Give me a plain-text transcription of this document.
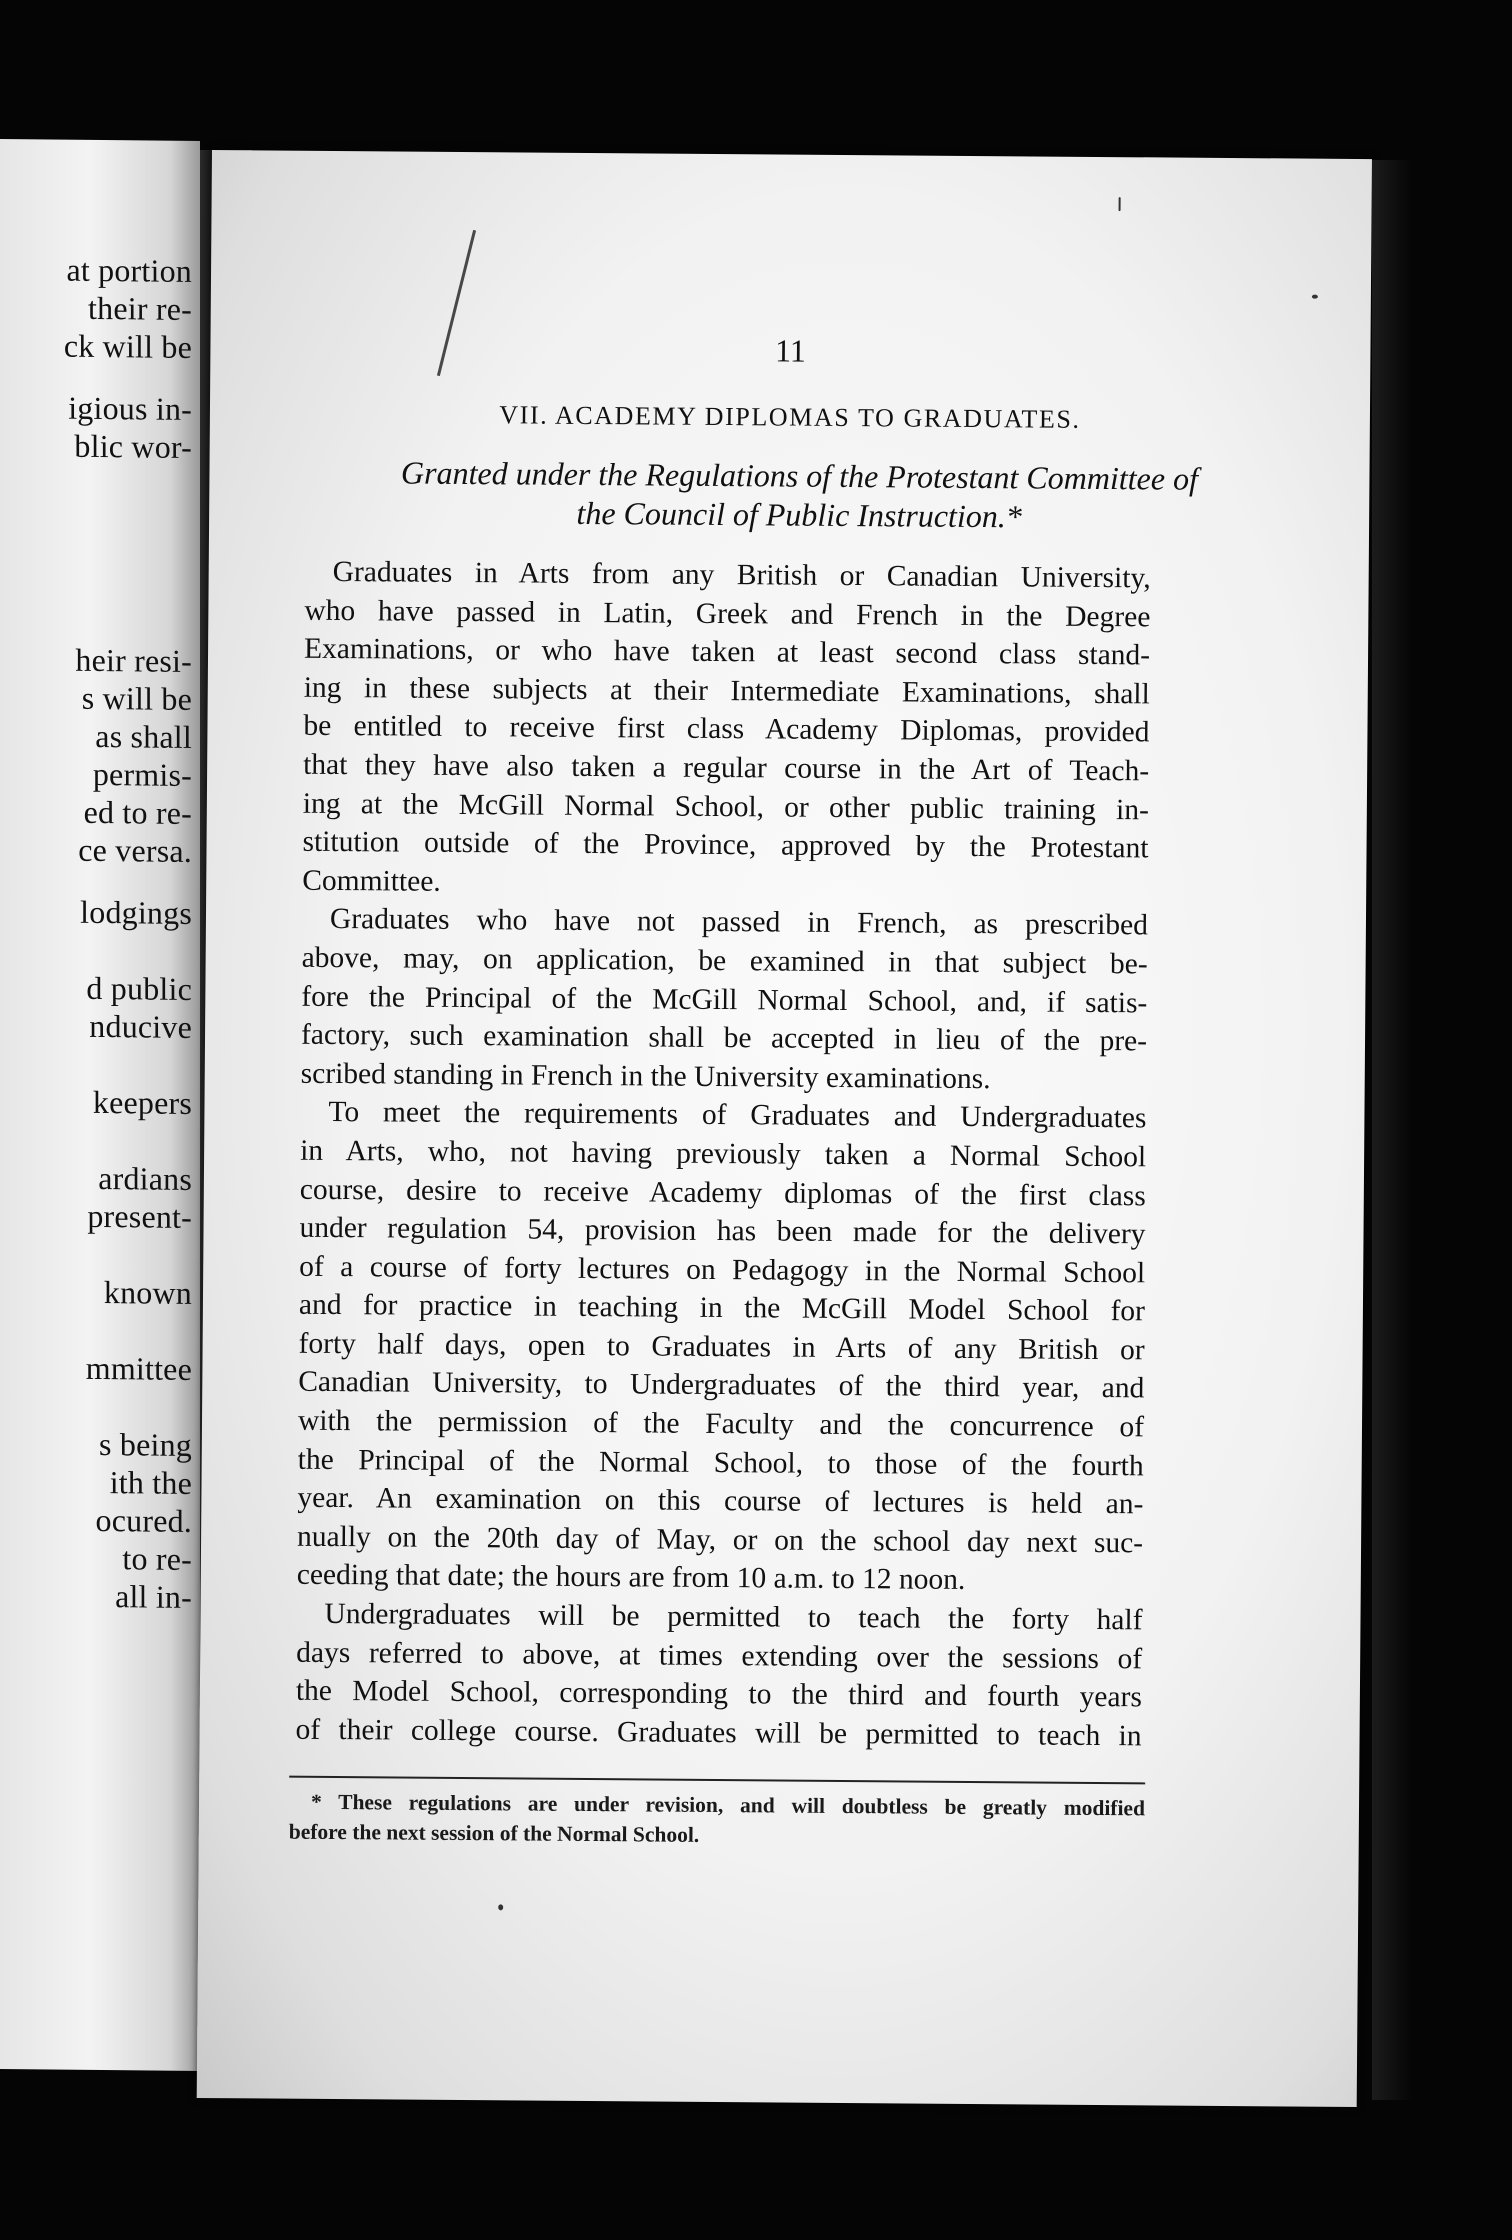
at portion
their re-
ck will be
igious in-
blic wor-
heir resi-
s will be
as shall
permis-
ed to re-
ce versa.
lodgings
d public
nducive
keepers
ardians
present-
known
mmittee
s being
ith the
ocured.
to re-
all in-
11
VII. ACADEMY DIPLOMAS TO GRADUATES.
Granted under the Regulations of the Protestant Committee of
the Council of Public Instruction.*

Graduates in Arts from any British or Canadian University,
who have passed in Latin, Greek and French in the Degree
Examinations, or who have taken at least second class stand-
ing in these subjects at their Intermediate Examinations, shall
be entitled to receive first class Academy Diplomas, provided
that they have also taken a regular course in the Art of Teach-
ing at the McGill Normal School, or other public training in-
stitution outside of the Province, approved by the Protestant
Committee.

Graduates who have not passed in French, as prescribed
above, may, on application, be examined in that subject be-
fore the Principal of the McGill Normal School, and, if satis-
factory, such examination shall be accepted in lieu of the pre-
scribed standing in French in the University examinations.

To meet the requirements of Graduates and Undergraduates
in Arts, who, not having previously taken a Normal School
course, desire to receive Academy diplomas of the first class
under regulation 54, provision has been made for the delivery
of a course of forty lectures on Pedagogy in the Normal School
and for practice in teaching in the McGill Model School for
forty half days, open to Graduates in Arts of any British or
Canadian University, to Undergraduates of the third year, and
with the permission of the Faculty and the concurrence of
the Principal of the Normal School, to those of the fourth
year. An examination on this course of lectures is held an-
nually on the 20th day of May, or on the school day next suc-
ceeding that date; the hours are from 10 a.m. to 12 noon.

Undergraduates will be permitted to teach the forty half
days referred to above, at times extending over the sessions of
the Model School, corresponding to the third and fourth years
of their college course. Graduates will be permitted to teach in

* These regulations are under revision, and will doubtless be greatly modified
before the next session of the Normal School.
